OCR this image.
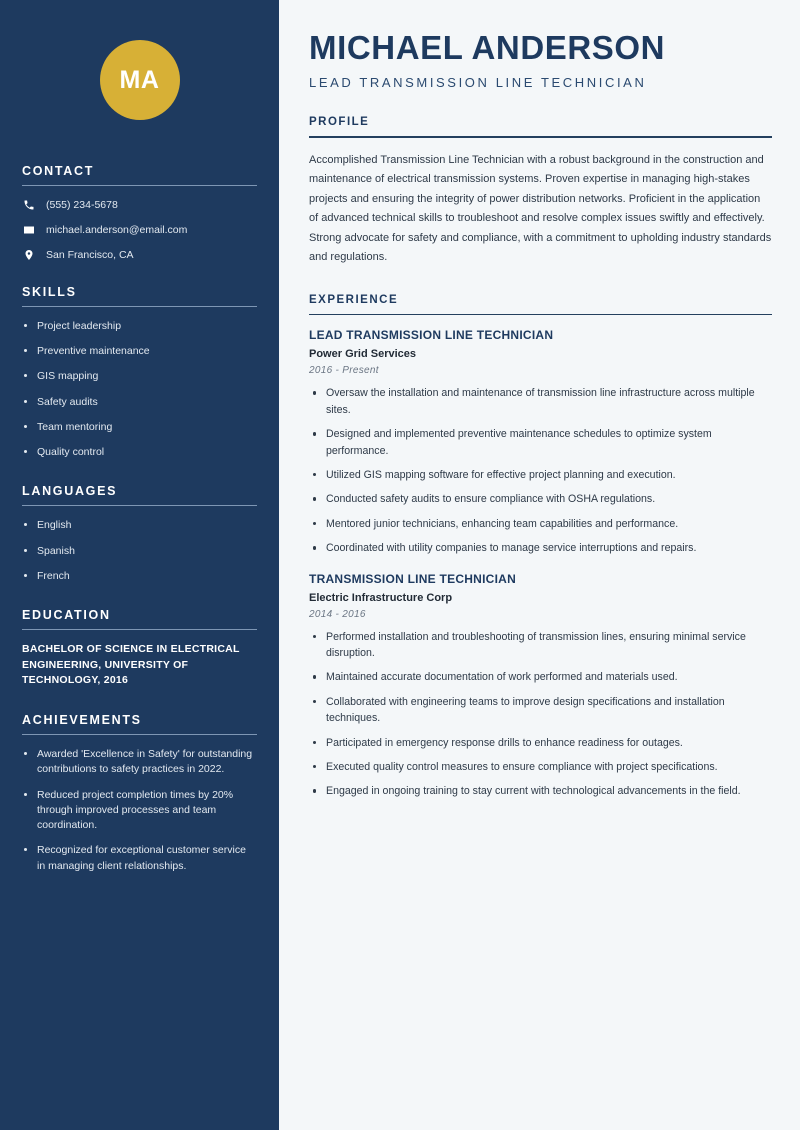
MA
CONTACT
(555) 234-5678
michael.anderson@email.com
San Francisco, CA
SKILLS
Project leadership
Preventive maintenance
GIS mapping
Safety audits
Team mentoring
Quality control
LANGUAGES
English
Spanish
French
EDUCATION
BACHELOR OF SCIENCE IN ELECTRICAL ENGINEERING, UNIVERSITY OF TECHNOLOGY, 2016
ACHIEVEMENTS
Awarded 'Excellence in Safety' for outstanding contributions to safety practices in 2022.
Reduced project completion times by 20% through improved processes and team coordination.
Recognized for exceptional customer service in managing client relationships.
MICHAEL ANDERSON
LEAD TRANSMISSION LINE TECHNICIAN
PROFILE

Accomplished Transmission Line Technician with a robust background in the construction and maintenance of electrical transmission systems. Proven expertise in managing high-stakes projects and ensuring the integrity of power distribution networks. Proficient in the application of advanced technical skills to troubleshoot and resolve complex issues swiftly and effectively. Strong advocate for safety and compliance, with a commitment to upholding industry standards and regulations.

EXPERIENCE
LEAD TRANSMISSION LINE TECHNICIAN
Power Grid Services
2016 - Present
Oversaw the installation and maintenance of transmission line infrastructure across multiple sites.
Designed and implemented preventive maintenance schedules to optimize system performance.
Utilized GIS mapping software for effective project planning and execution.
Conducted safety audits to ensure compliance with OSHA regulations.
Mentored junior technicians, enhancing team capabilities and performance.
Coordinated with utility companies to manage service interruptions and repairs.
TRANSMISSION LINE TECHNICIAN
Electric Infrastructure Corp
2014 - 2016
Performed installation and troubleshooting of transmission lines, ensuring minimal service disruption.
Maintained accurate documentation of work performed and materials used.
Collaborated with engineering teams to improve design specifications and installation techniques.
Participated in emergency response drills to enhance readiness for outages.
Executed quality control measures to ensure compliance with project specifications.
Engaged in ongoing training to stay current with technological advancements in the field.
